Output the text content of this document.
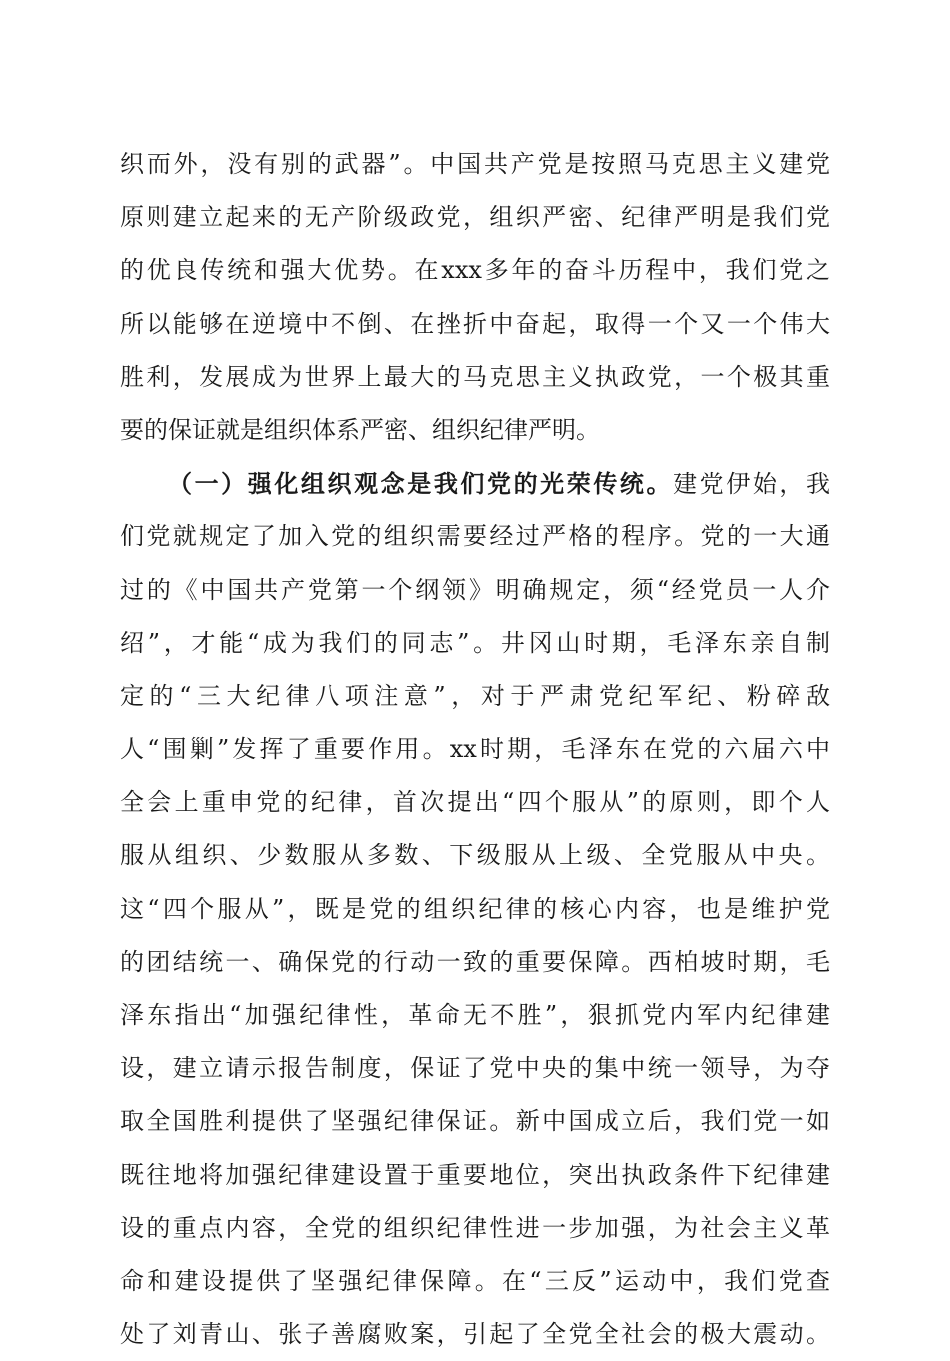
织而外，没有别的武器”。中国共产党是按照马克思主义建党
原则建立起来的无产阶级政党，组织严密、纪律严明是我们党
的优良传统和强大优势。在xxx多年的奋斗历程中，我们党之
所以能够在逆境中不倒、在挫折中奋起，取得一个又一个伟大
胜利，发展成为世界上最大的马克思主义执政党，一个极其重
要的保证就是组织体系严密、组织纪律严明。
（一）强化组织观念是我们党的光荣传统。建党伊始，我
们党就规定了加入党的组织需要经过严格的程序。党的一大通
过的《中国共产党第一个纲领》明确规定，须“经党员一人介
绍”，才能“成为我们的同志”。井冈山时期，毛泽东亲自制
定的“三大纪律八项注意”，对于严肃党纪军纪、粉碎敌
人“围剿”发挥了重要作用。xx时期，毛泽东在党的六届六中
全会上重申党的纪律，首次提出“四个服从”的原则，即个人
服从组织、少数服从多数、下级服从上级、全党服从中央。
这“四个服从”，既是党的组织纪律的核心内容，也是维护党
的团结统一、确保党的行动一致的重要保障。西柏坡时期，毛
泽东指出“加强纪律性，革命无不胜”，狠抓党内军内纪律建
设，建立请示报告制度，保证了党中央的集中统一领导，为夺
取全国胜利提供了坚强纪律保证。新中国成立后，我们党一如
既往地将加强纪律建设置于重要地位，突出执政条件下纪律建
设的重点内容，全党的组织纪律性进一步加强，为社会主义革
命和建设提供了坚强纪律保障。在“三反”运动中，我们党查
处了刘青山、张子善腐败案，引起了全党全社会的极大震动。
